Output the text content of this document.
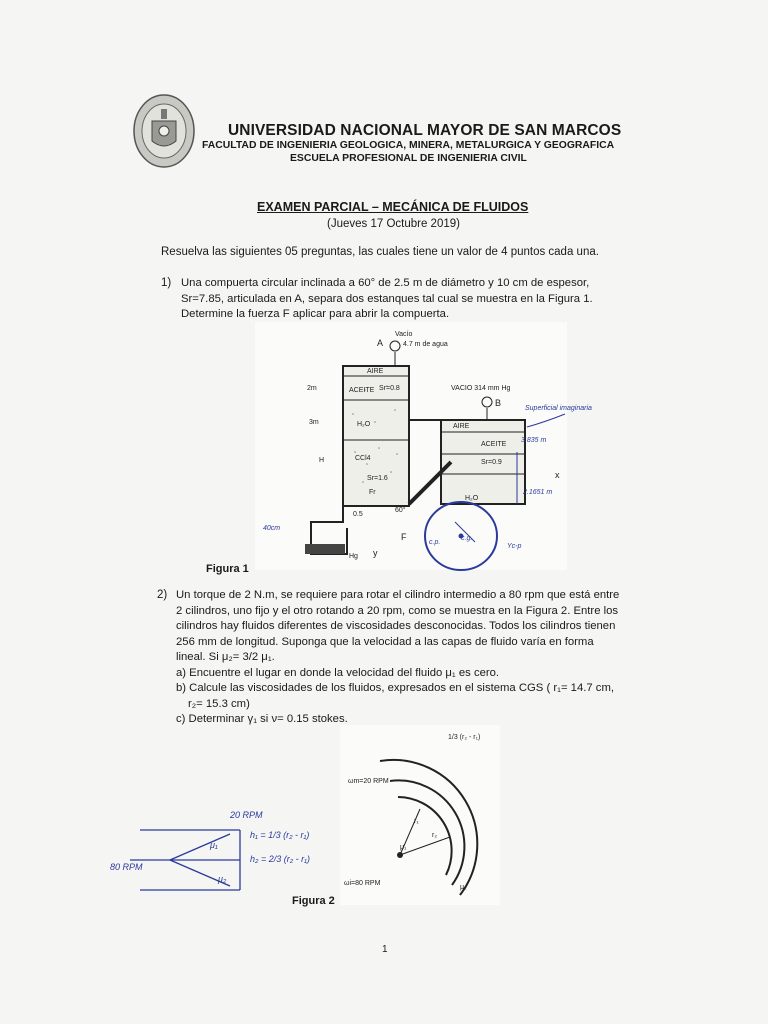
UNIVERSIDAD NACIONAL MAYOR DE SAN MARCOS
FACULTAD DE INGENIERIA GEOLOGICA, MINERA, METALURGICA Y GEOGRAFICA
ESCUELA PROFESIONAL DE INGENIERIA CIVIL
EXAMEN PARCIAL – MECÁNICA DE FLUIDOS
(Jueves 17 Octubre 2019)
Resuelva las siguientes 05 preguntas, las cuales tiene un valor de 4 puntos cada una.
1) Una compuerta circular inclinada a 60° de 2.5 m de diámetro y 10 cm de espesor,

Sr=7.85, articulada en A, separa dos estanques tal cual se muestra en la Figura 1.

Determine la fuerza F aplicar para abrir la compuerta.

Vacío
4.7 m de agua
A
AIRE
ACEITE Sr=0.8
H₂O
CCl4
Sr=1.6
Fr
VACIO 314 mm Hg
B
AIRE
ACEITE
Sr=0.9
H₂O
2m
3m
H
0.5
60°
F
x
y
Hg
3.835 m
2.1651 m
40cm
c.p.
c.g.
Yc-p
Superficial imaginaria
Figura 1
2) Un torque de 2 N.m, se requiere para rotar el cilindro intermedio a 80 rpm que está entre

2 cilindros, uno fijo y el otro rotando a 20 rpm, como se muestra en la Figura 2. Entre los

cilindros hay fluidos diferentes de viscosidades desconocidas. Todos los cilindros tienen

256 mm de longitud. Suponga que la velocidad a las capas de fluido varía en forma

lineal. Si μ₂= 3/2 μ₁.

a) Encuentre el lugar en donde la velocidad del fluido μ₁ es cero.

b) Calcule las viscosidades de los fluidos, expresados en el sistema CGS ( r₁= 14.7 cm,

r₂= 15.3 cm)

c) Determinar γ₁ si ν= 0.15 stokes.

20 RPM
80 RPM
μ₁
μ₂
h₁ = 1/3 (r₂ - r₁)
h₂ = 2/3 (r₂ - r₁)
1/3 (r₂ - r₁)
ωm=20 RPM
ωi=80 RPM
r₁
r₂
μ₁
μ₂
Figura 2
1
